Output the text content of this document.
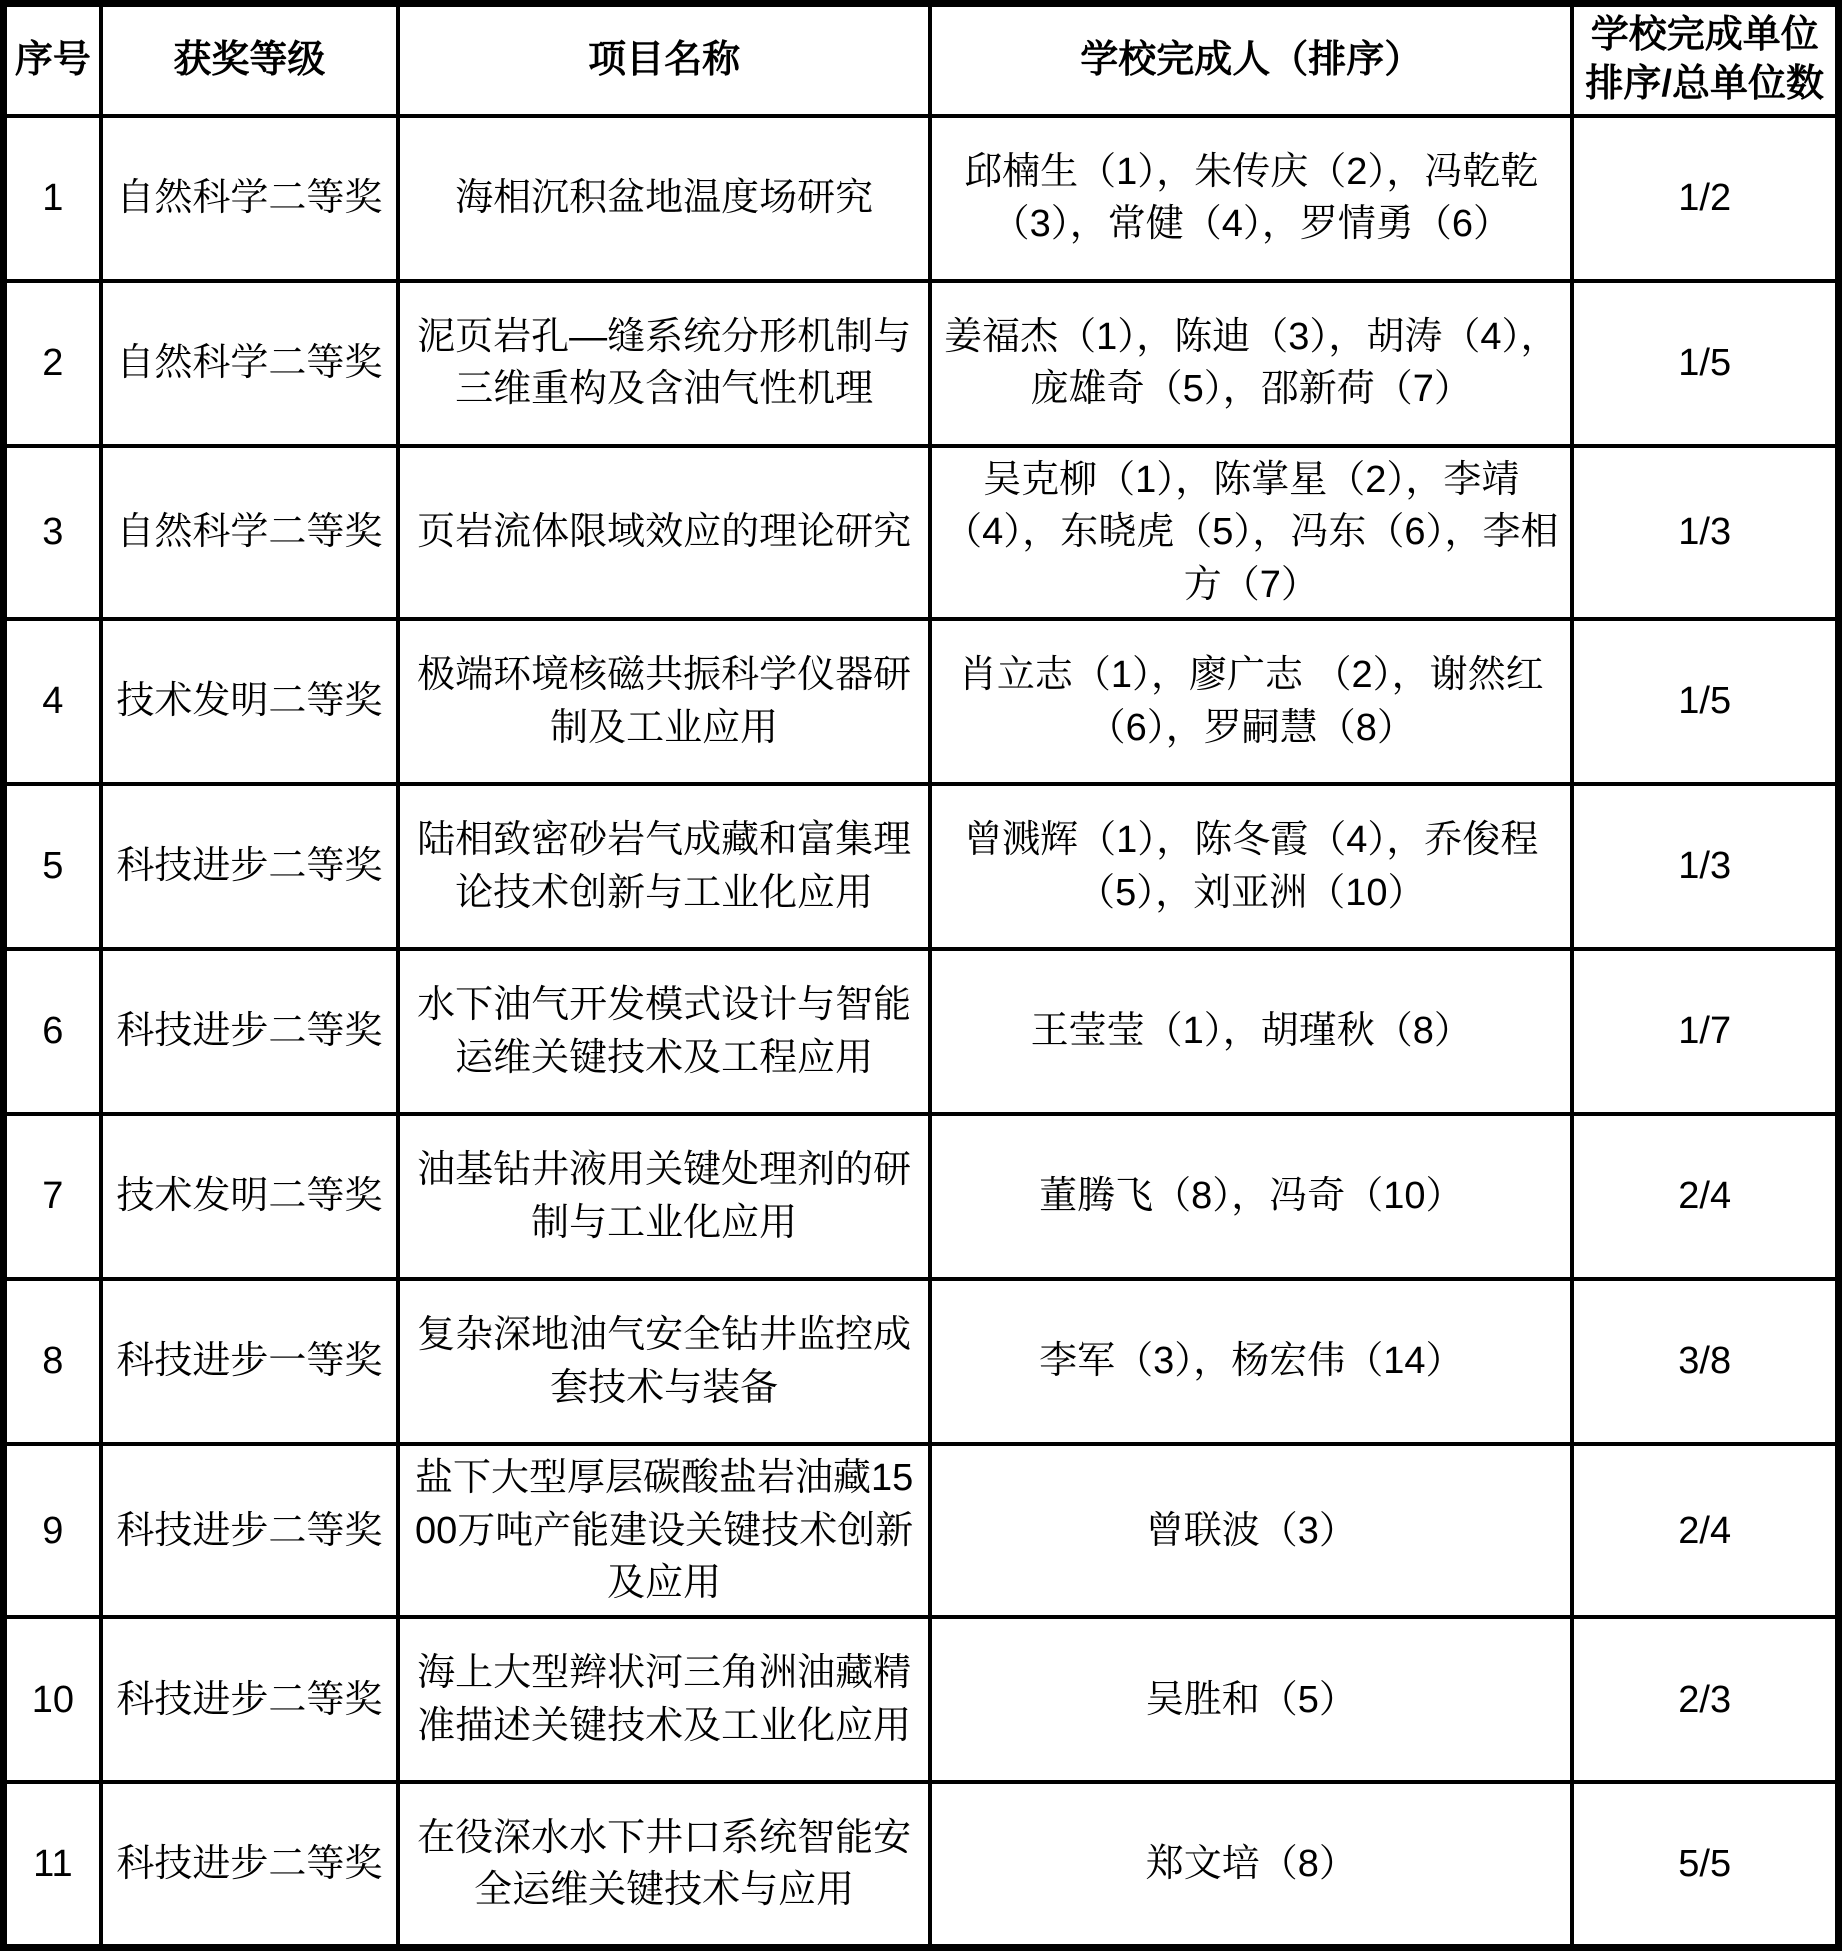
序号	获奖等级	项目名称	学校完成人（排序）	学校完成单位
排序/总单位数
1	自然科学二等奖	海相沉积盆地温度场研究	邱楠生（1），朱传庆（2），冯乾乾（3），常健（4），罗情勇（6）	1/2
2	自然科学二等奖	泥页岩孔—缝系统分形机制与三维重构及含油气性机理	姜福杰（1），陈迪（3），胡涛（4），庞雄奇（5），邵新荷（7）	1/5
3	自然科学二等奖	页岩流体限域效应的理论研究	吴克柳（1），陈掌星（2），李靖（4），东晓虎（5），冯东（6），李相方（7）	1/3
4	技术发明二等奖	极端环境核磁共振科学仪器研制及工业应用	肖立志（1），廖广志 （2），谢然红（6），罗嗣慧（8）	1/5
5	科技进步二等奖	陆相致密砂岩气成藏和富集理论技术创新与工业化应用	曾溅辉（1），陈冬霞（4），乔俊程（5），刘亚洲（10）	1/3
6	科技进步二等奖	水下油气开发模式设计与智能运维关键技术及工程应用	王莹莹（1），胡瑾秋（8）	1/7
7	技术发明二等奖	油基钻井液用关键处理剂的研制与工业化应用	董腾飞（8），冯奇（10）	2/4
8	科技进步一等奖	复杂深地油气安全钻井监控成套技术与装备	李军（3），杨宏伟（14）	3/8
9	科技进步二等奖	盐下大型厚层碳酸盐岩油藏1500万吨产能建设关键技术创新及应用	曾联波（3）	2/4
10	科技进步二等奖	海上大型辫状河三角洲油藏精准描述关键技术及工业化应用	吴胜和（5）	2/3
11	科技进步二等奖	在役深水水下井口系统智能安全运维关键技术与应用	郑文培（8）	5/5
